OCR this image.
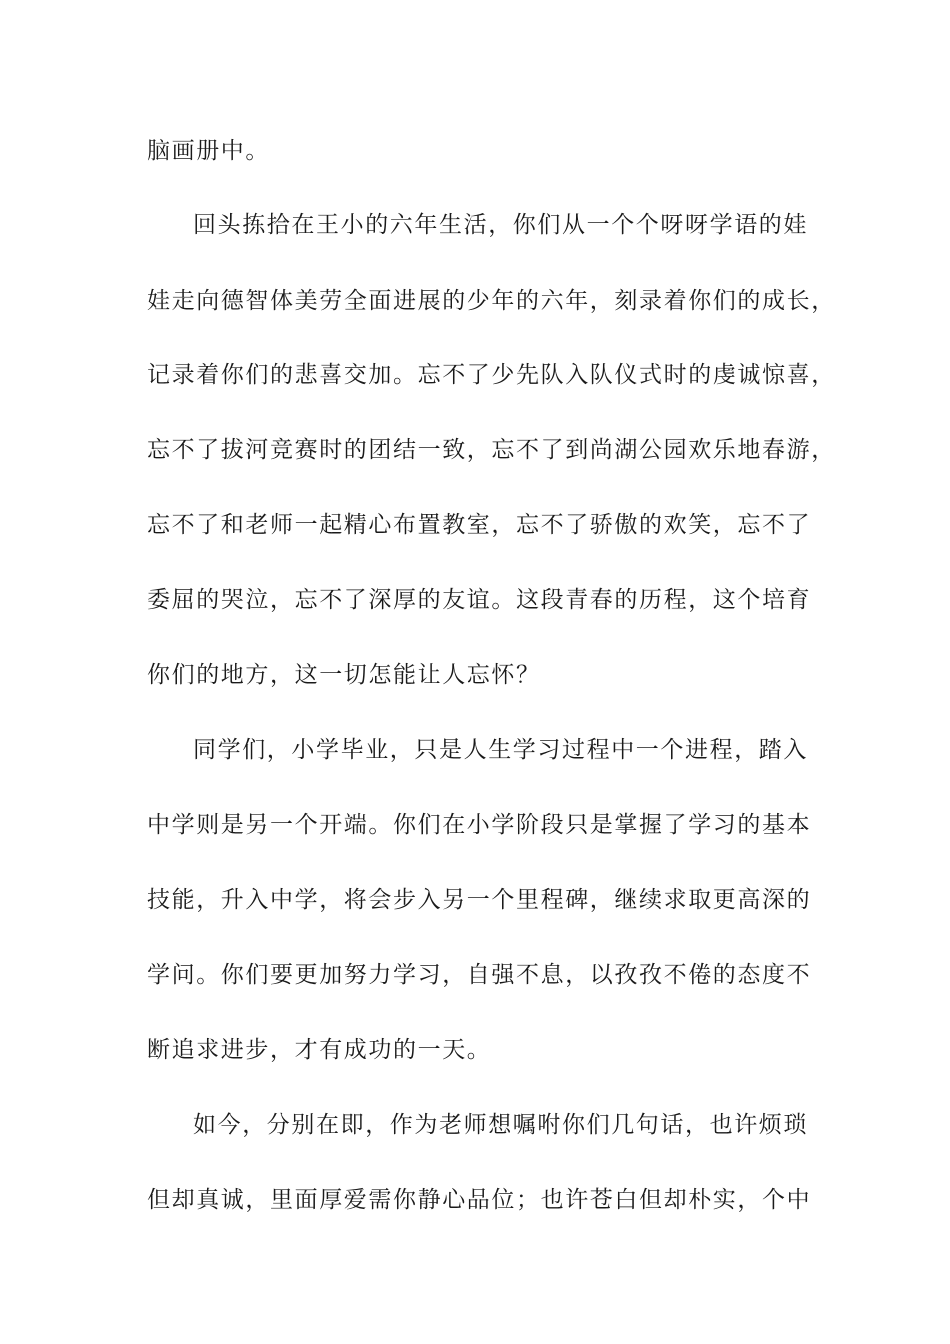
脑画册中。
回头拣拾在王小的六年生活，你们从一个个呀呀学语的娃
娃走向德智体美劳全面进展的少年的六年，刻录着你们的成长，
记录着你们的悲喜交加。忘不了少先队入队仪式时的虔诚惊喜，
忘不了拔河竞赛时的团结一致，忘不了到尚湖公园欢乐地春游，
忘不了和老师一起精心布置教室，忘不了骄傲的欢笑，忘不了
委屈的哭泣，忘不了深厚的友谊。这段青春的历程，这个培育
你们的地方，这一切怎能让人忘怀？
同学们，小学毕业，只是人生学习过程中一个进程，踏入
中学则是另一个开端。你们在小学阶段只是掌握了学习的基本
技能，升入中学，将会步入另一个里程碑，继续求取更高深的
学问。你们要更加努力学习，自强不息，以孜孜不倦的态度不
断追求进步，才有成功的一天。
如今，分别在即，作为老师想嘱咐你们几句话，也许烦琐
但却真诚，里面厚爱需你静心品位；也许苍白但却朴实，个中
